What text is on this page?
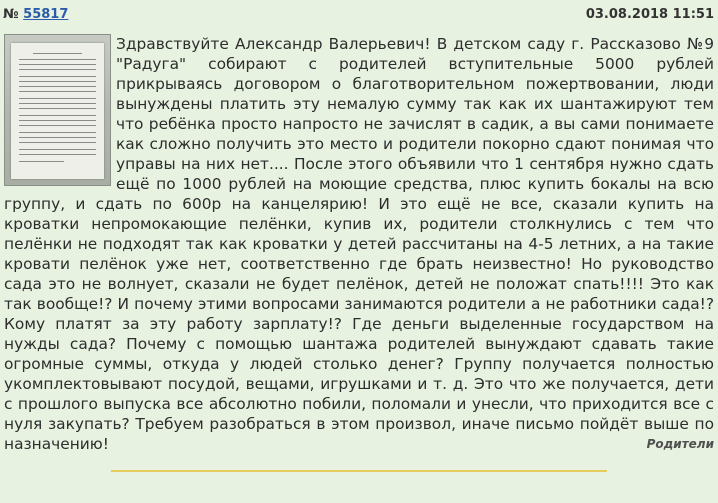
№ 55817	03.08.2018 11:51

Здравствуйте Александр Валерьевич! В детском саду г. Рассказово №9 "Радуга" собирают с родителей вступительные 5000 рублей прикрываясь договором о благотворительном пожертвовании, люди вынуждены платить эту немалую сумму так как их шантажируют тем что ребёнка просто напросто не зачислят в садик, а вы сами понимаете как сложно получить это место и родители покорно сдают понимая что управы на них нет.... После этого объявили что 1 сентября нужно сдать ещё по 1000 рублей на моющие средства, плюс купить бокалы на всю группу, и сдать по 600р на канцелярию! И это ещё не все, сказали купить на кроватки непромокающие пелёнки, купив их, родители столкнулись с тем что пелёнки не подходят так как кроватки у детей рассчитаны на 4-5 летних, а на такие кровати пелёнок уже нет, соответственно где брать неизвестно! Но руководство сада это не волнует, сказали не будет пелёнок, детей не положат спать!!!! Это как так вообще!? И почему этими вопросами занимаются родители а не работники сада!? Кому платят за эту работу зарплату!? Где деньги выделенные государством на нужды сада? Почему с помощью шантажа родителей вынуждают сдавать такие огромные суммы, откуда у людей столько денег? Группу получается полностью укомплектовывают посудой, вещами, игрушками и т. д. Это что же получается, дети с прошлого выпуска все абсолютно побили, поломали и унесли, что приходится все с нуля закупать? Требуем разобраться в этом произвол, иначе письмо пойдёт выше по назначению!	Родители
